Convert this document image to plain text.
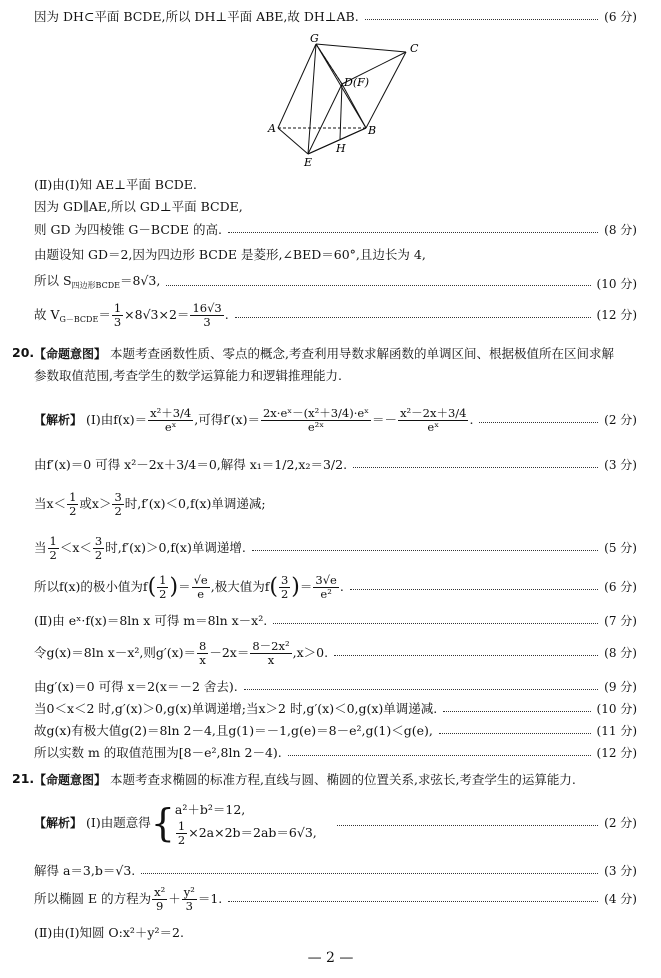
因为 DH⊂平面 BCDE,所以 DH⊥平面 ABE,故 DH⊥AB.	(6 分)
G
C
D(F)
A	B
E
H
(Ⅱ)由(Ⅰ)知 AE⊥平面 BCDE.
因为 GD∥AE,所以 GD⊥平面 BCDE,
则 GD 为四棱锥 G－BCDE 的高.	(8 分)
由题设知 GD＝2,因为四边形 BCDE 是菱形,∠BED＝60°,且边长为 4,
所以 $S_{四边形BCDE}=8√3$,	(10 分)
故 $V_{G-BCDE}= \frac{1}{3} \times 8√3\times 2= \frac{16√3}{3}$ .	(12 分)
20. 【命题意图】 本题考查函数性质、零点的概念,考查利用导数求解函数的单调区间、根据极值所在区间求解
参数取值范围,考查学生的数学运算能力和逻辑推理能力.
【解析】 (Ⅰ)由$f(x)= \frac{\text{x²＋3/4}}{\text{eˣ}}$ ,可得$f'(x)= \frac{\text{2x·eˣ－(x²＋3/4)·eˣ}}{\text{e²ˣ}} =- \frac{\text{x²－2x＋3/4}}{\text{eˣ}}$ .	(2 分)
由f′(x)＝0 可得 x²－2x＋3/4＝0,解得 x₁＝1/2,x₂＝3/2.	(3 分)
当$x< \frac{1}{2}$ 或$x> \frac{3}{2}$ 时,f′(x)＜0,f(x)单调递减;
当 $\frac{1}{2} <x< \frac{3}{2}$ 时,f′(x)＞0,f(x)单调递增.	(5 分)
所以f(x)的极小值为$f( \frac{1}{2}$ )＝ $\frac{√e}{e}$ ,极大值为$f( \frac{3}{2}$ )＝ $\frac{3√e}{\text{e²}}$ .	(6 分)
(Ⅱ)由 eˣ·f(x)＝8ln x 可得 m＝8ln x－x².	(7 分)
令g(x)＝8ln x－x²,则$g'(x)= \frac{8}{x} -2x= \frac{\text{8－2x²}}{x} ,x>0$.	(8 分)
由g′(x)＝0 可得 x＝2(x＝－2 舍去).	(9 分)
当0＜x＜2 时,g′(x)＞0,g(x)单调递增;当x＞2 时,g′(x)＜0,g(x)单调递减.	(10 分)
故g(x)有极大值g(2)＝8ln 2－4,且g(1)＝－1,g(e)＝8－e²,g(1)＜g(e),	(11 分)
所以实数 m 的取值范围为[8－e²,8ln 2－4).	(12 分)
21. 【命题意图】 本题考查求椭圆的标准方程,直线与圆、椭圆的位置关系,求弦长,考查学生的运算能力.
【解析】
(Ⅰ)由题意得 { a²＋b²＝12,
$\frac{1}{2} \times 2a\times 2b=2ab=6√3$,
(2 分)
解得 a＝3,b＝√3.	(3 分)
所以椭圆 E 的方程为 $\frac{\text{x²}}{9} + \frac{\text{y²}}{3} =1$.	(4 分)
(Ⅱ)由(Ⅰ)知圆 O:x²＋y²＝2.
— 2 —
